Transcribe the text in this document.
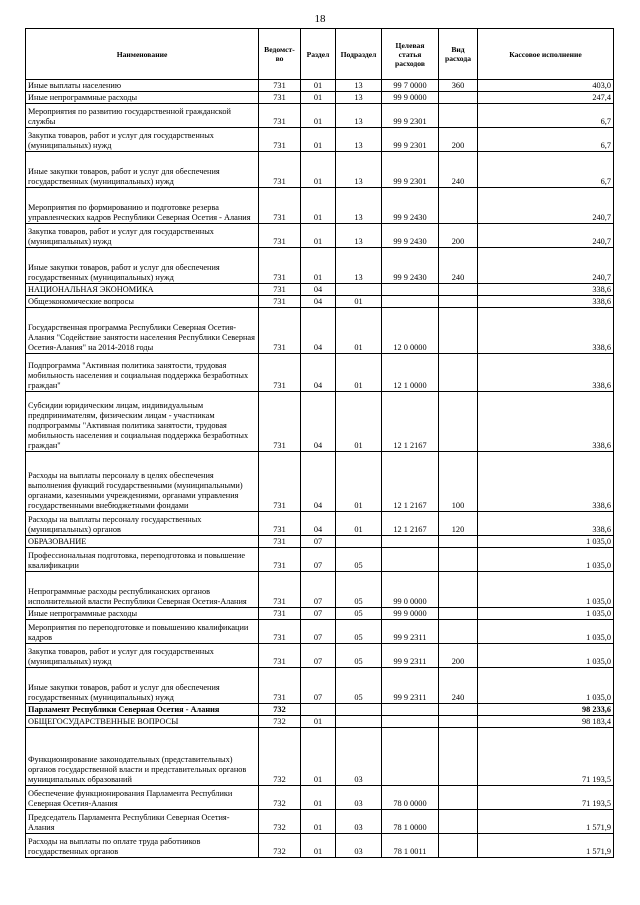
18
Наименование	Ведомст-во	Раздел	Подраздел	Целевая статья расходов	Вид расхода	Кассовое исполнение
Иные выплаты населению	731	01	13	99 7 0000	360	403,0
Иные непрограммные расходы	731	01	13	99 9 0000		247,4
Мероприятия по развитию государственной гражданской службы	731	01	13	99 9 2301		6,7
Закупка товаров, работ и услуг для государственных (муниципальных) нужд	731	01	13	99 9 2301	200	6,7
Иные закупки товаров, работ и услуг для обеспечения государственных (муниципальных) нужд	731	01	13	99 9 2301	240	6,7
Мероприятия по формированию и подготовке резерва управленческих кадров Республики Северная Осетия - Алания	731	01	13	99 9 2430		240,7
Закупка товаров, работ и услуг для государственных (муниципальных) нужд	731	01	13	99 9 2430	200	240,7
Иные закупки товаров, работ и услуг для обеспечения государственных (муниципальных) нужд	731	01	13	99 9 2430	240	240,7
НАЦИОНАЛЬНАЯ ЭКОНОМИКА	731	04				338,6
Общеэкономические вопросы	731	04	01			338,6
Государственная программа Республики Северная Осетия-Алания "Содействие занятости населения Республики Северная Осетия-Алания" на 2014-2018 годы	731	04	01	12 0 0000		338,6
Подпрограмма "Активная политика занятости, трудовая мобильность населения и социальная поддержка безработных граждан"	731	04	01	12 1 0000		338,6
Субсидии юридическим лицам, индивидуальным предпринимателям, физическим лицам - участникам подпрограммы "Активная политика занятости, трудовая мобильность населения и социальная поддержка безработных граждан"	731	04	01	12 1 2167		338,6
Расходы на выплаты персоналу в целях обеспечения выполнения функций государственными (муниципальными) органами, казенными учреждениями, органами управления государственными внебюджетными фондами	731	04	01	12 1 2167	100	338,6
Расходы на выплаты персоналу государственных (муниципальных) органов	731	04	01	12 1 2167	120	338,6
ОБРАЗОВАНИЕ	731	07				1 035,0
Профессиональная подготовка, переподготовка и повышение квалификации	731	07	05			1 035,0
Непрограммные расходы республиканских органов исполнительной власти Республики Северная Осетия-Алания	731	07	05	99 0 0000		1 035,0
Иные непрограммные расходы	731	07	05	99 9 0000		1 035,0
Мероприятия по переподготовке и повышению квалификации кадров	731	07	05	99 9 2311		1 035,0
Закупка товаров, работ и услуг для государственных (муниципальных) нужд	731	07	05	99 9 2311	200	1 035,0
Иные закупки товаров, работ и услуг для обеспечения государственных (муниципальных) нужд	731	07	05	99 9 2311	240	1 035,0
Парламент Республики Северная Осетия - Алания	732					98 233,6
ОБЩЕГОСУДАРСТВЕННЫЕ ВОПРОСЫ	732	01				98 183,4
Функционирование законодательных (представительных) органов государственной власти и представительных органов муниципальных образований	732	01	03			71 193,5
Обеспечение функционирования Парламента Республики Северная Осетия-Алания	732	01	03	78 0 0000		71 193,5
Председатель Парламента Республики Северная Осетия-Алания	732	01	03	78 1 0000		1 571,9
Расходы на выплаты по оплате труда работников государственных органов	732	01	03	78 1 0011		1 571,9
